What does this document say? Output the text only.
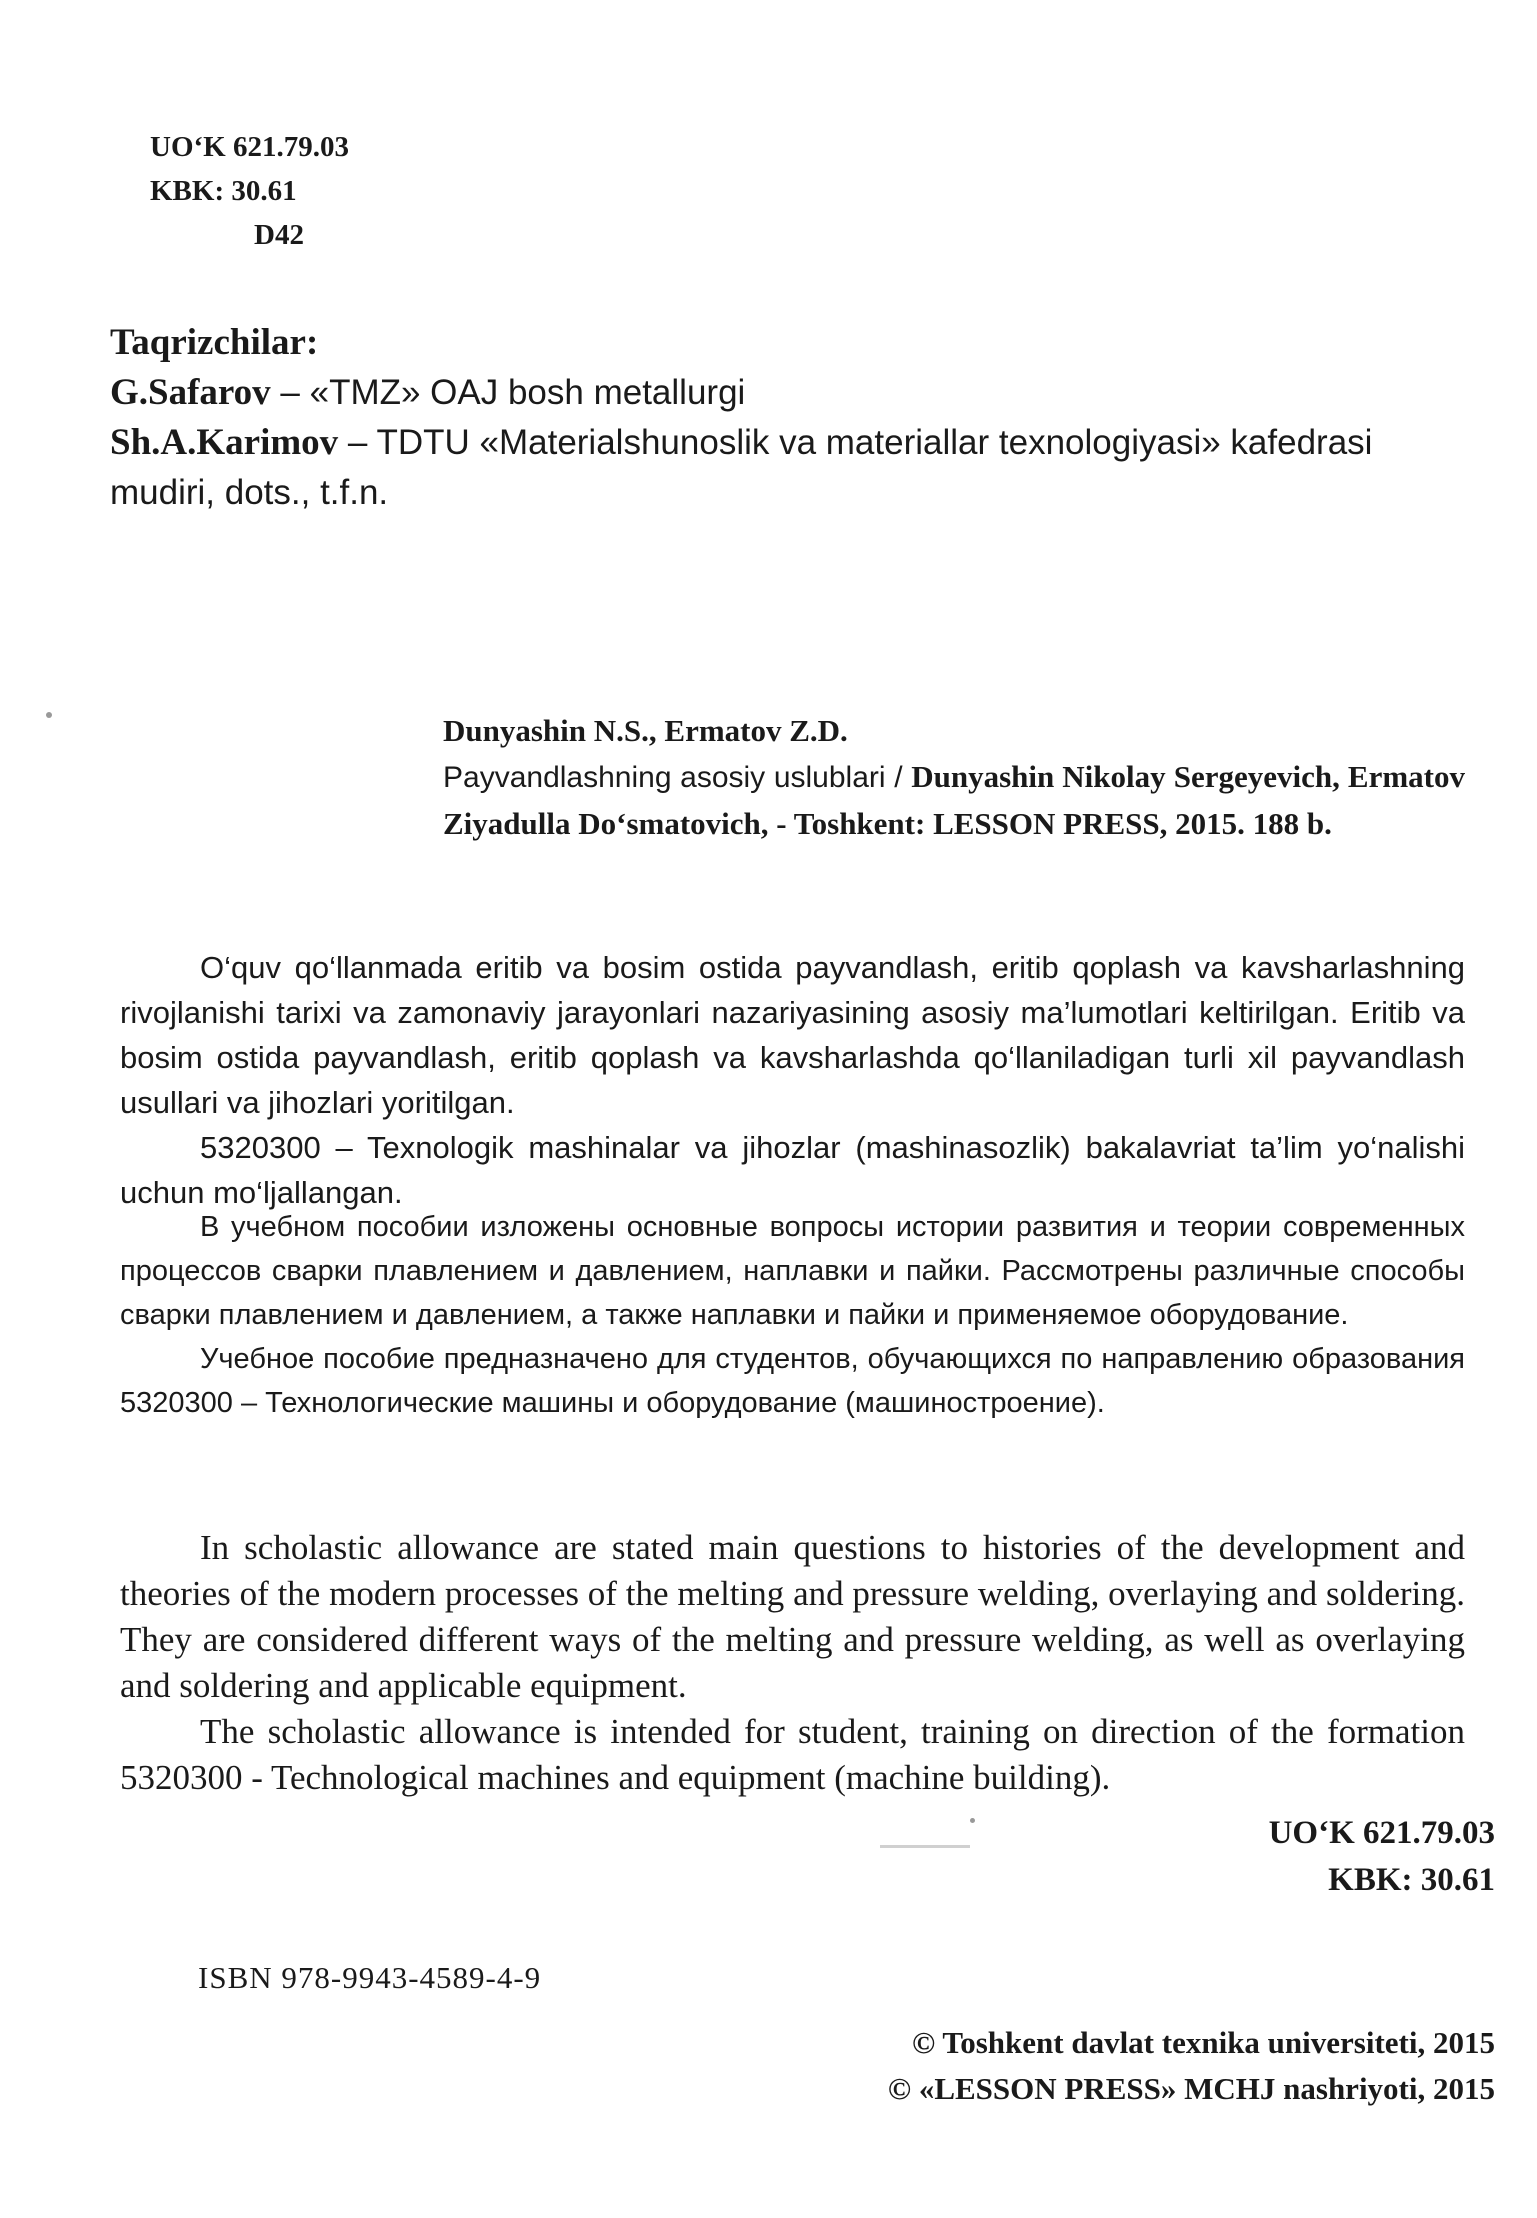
UO‘K 621.79.03
KBK: 30.61
D42
Taqrizchilar:
G.Safarov – «TMZ» OAJ bosh metallurgi
Sh.A.Karimov – TDTU «Materialshunoslik va materiallar texnologiyasi» kafedrasi mudiri, dots., t.f.n.
Dunyashin N.S., Ermatov Z.D.
Payvandlashning asosiy uslublari / Dunyashin Nikolay Sergeyevich, Ermatov Ziyadulla Do‘smatovich, - Toshkent: LESSON PRESS, 2015. 188 b.

O‘quv qo‘llanmada eritib va bosim ostida payvandlash, eritib qoplash va kavsharlashning rivojlanishi tarixi va zamonaviy jarayonlari nazariyasining asosiy ma’lumotlari keltirilgan. Eritib va bosim ostida payvandlash, eritib qoplash va kavsharlashda qo‘llaniladigan turli xil payvandlash usullari va jihozlari yoritilgan.

5320300 – Texnologik mashinalar va jihozlar (mashinasozlik) bakalavriat ta’lim yo‘nalishi uchun mo‘ljallangan.

В учебном пособии изложены основные вопросы истории развития и теории современных процессов сварки плавлением и давлением, наплавки и пайки. Рассмотрены различные способы сварки плавлением и давлением, а также наплавки и пайки и применяемое оборудование.

Учебное пособие предназначено для студентов, обучающихся по направлению образования 5320300 – Технологические машины и оборудование (машиностроение).

In scholastic allowance are stated main questions to histories of the development and theories of the modern processes of the melting and pressure welding, overlaying and soldering. They are considered different ways of the melting and pressure welding, as well as overlaying and soldering and applicable equipment.

The scholastic allowance is intended for student, training on direction of the formation 5320300 - Technological machines and equipment (machine building).

UO‘K 621.79.03
KBK: 30.61
ISBN 978-9943-4589-4-9
© Toshkent davlat texnika universiteti, 2015
© «LESSON PRESS» MCHJ nashriyoti, 2015
